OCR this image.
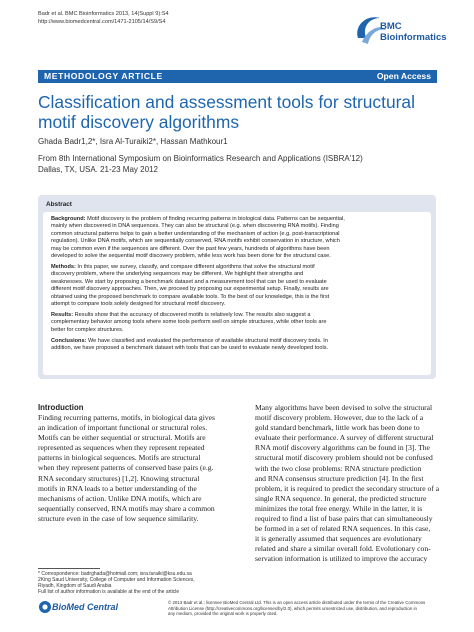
Badr et al. BMC Bioinformatics 2013, 14(Suppl 9):S4
http://www.biomedcentral.com/1471-2105/14/S9/S4	BMC
Bioinformatics
METHODOLOGY ARTICLE	Open Access
Classification and assessment tools for structural
motif discovery algorithms
Ghada Badr1,2*, Isra Al-Turaiki2*, Hassan Mathkour1
From 8th International Symposium on Bioinformatics Research and Applications (ISBRA'12)
Dallas, TX, USA. 21-23 May 2012
Abstract
Background: Motif discovery is the problem of finding recurring patterns in biological data. Patterns can be sequential,
mainly when discovered in DNA sequences. They can also be structural (e.g. when discovering RNA motifs). Finding
common structural patterns helps to gain a better understanding of the mechanism of action (e.g. post-transcriptional
regulation). Unlike DNA motifs, which are sequentially conserved, RNA motifs exhibit conservation in structure, which
may be common even if the sequences are different. Over the past few years, hundreds of algorithms have been
developed to solve the sequential motif discovery problem, while less work has been done for the structural case.
Methods: In this paper, we survey, classify, and compare different algorithms that solve the structural motif
discovery problem, where the underlying sequences may be different. We highlight their strengths and
weaknesses. We start by proposing a benchmark dataset and a measurement tool that can be used to evaluate
different motif discovery approaches. Then, we proceed by proposing our experimental setup. Finally, results are
obtained using the proposed benchmark to compare available tools. To the best of our knowledge, this is the first
attempt to compare tools solely designed for structural motif discovery.
Results: Results show that the accuracy of discovered motifs is relatively low. The results also suggest a
complementary behavior among tools where some tools perform well on simple structures, while other tools are
better for complex structures.
Conclusions: We have classified and evaluated the performance of available structural motif discovery tools. In
addition, we have proposed a benchmark dataset with tools that can be used to evaluate newly developed tools.
Introduction
Finding recurring patterns, motifs, in biological data gives
an indication of important functional or structural roles.
Motifs can be either sequential or structural. Motifs are
represented as sequences when they represent repeated
patterns in biological sequences. Motifs are structural
when they represent patterns of conserved base pairs (e.g.
RNA secondary structures) [1,2]. Knowing structural
motifs in RNA leads to a better understanding of the
mechanisms of action. Unlike DNA motifs, which are
sequentially conserved, RNA motifs may share a common
structure even in the case of low sequence similarity.
Many algorithms have been devised to solve the structural
motif discovery problem. However, due to the lack of a
gold standard benchmark, little work has been done to
evaluate their performance. A survey of different structural
RNA motif discovery algorithms can be found in [3]. The
structural motif discovery problem should not be confused
with the two close problems: RNA structure prediction
and RNA consensus structure prediction [4]. In the first
problem, it is required to predict the secondary structure of a
single RNA sequence. In general, the predicted structure
minimizes the total free energy. While in the latter, it is
required to find a list of base pairs that can simultaneously
be formed in a set of related RNA sequences. In this case,
it is generally assumed that sequences are evolutionary
related and share a similar overall fold. Evolutionary con-
servation information is utilized to improve the accuracy
* Correspondence: badrghada@hotmail.com; isra.turaiki@ksu.edu.sa
2King Saud University, College of Computer and Information Sciences,
Riyadh, Kingdom of Saudi Arabia
Full list of author information is available at the end of the article
BioMed Central	© 2013 Badr et al.; licensee BioMed Central Ltd. This is an open access article distributed under the terms of the Creative Commons
Attribution License (http://creativecommons.org/licenses/by/2.0), which permits unrestricted use, distribution, and reproduction in
any medium, provided the original work is properly cited.
